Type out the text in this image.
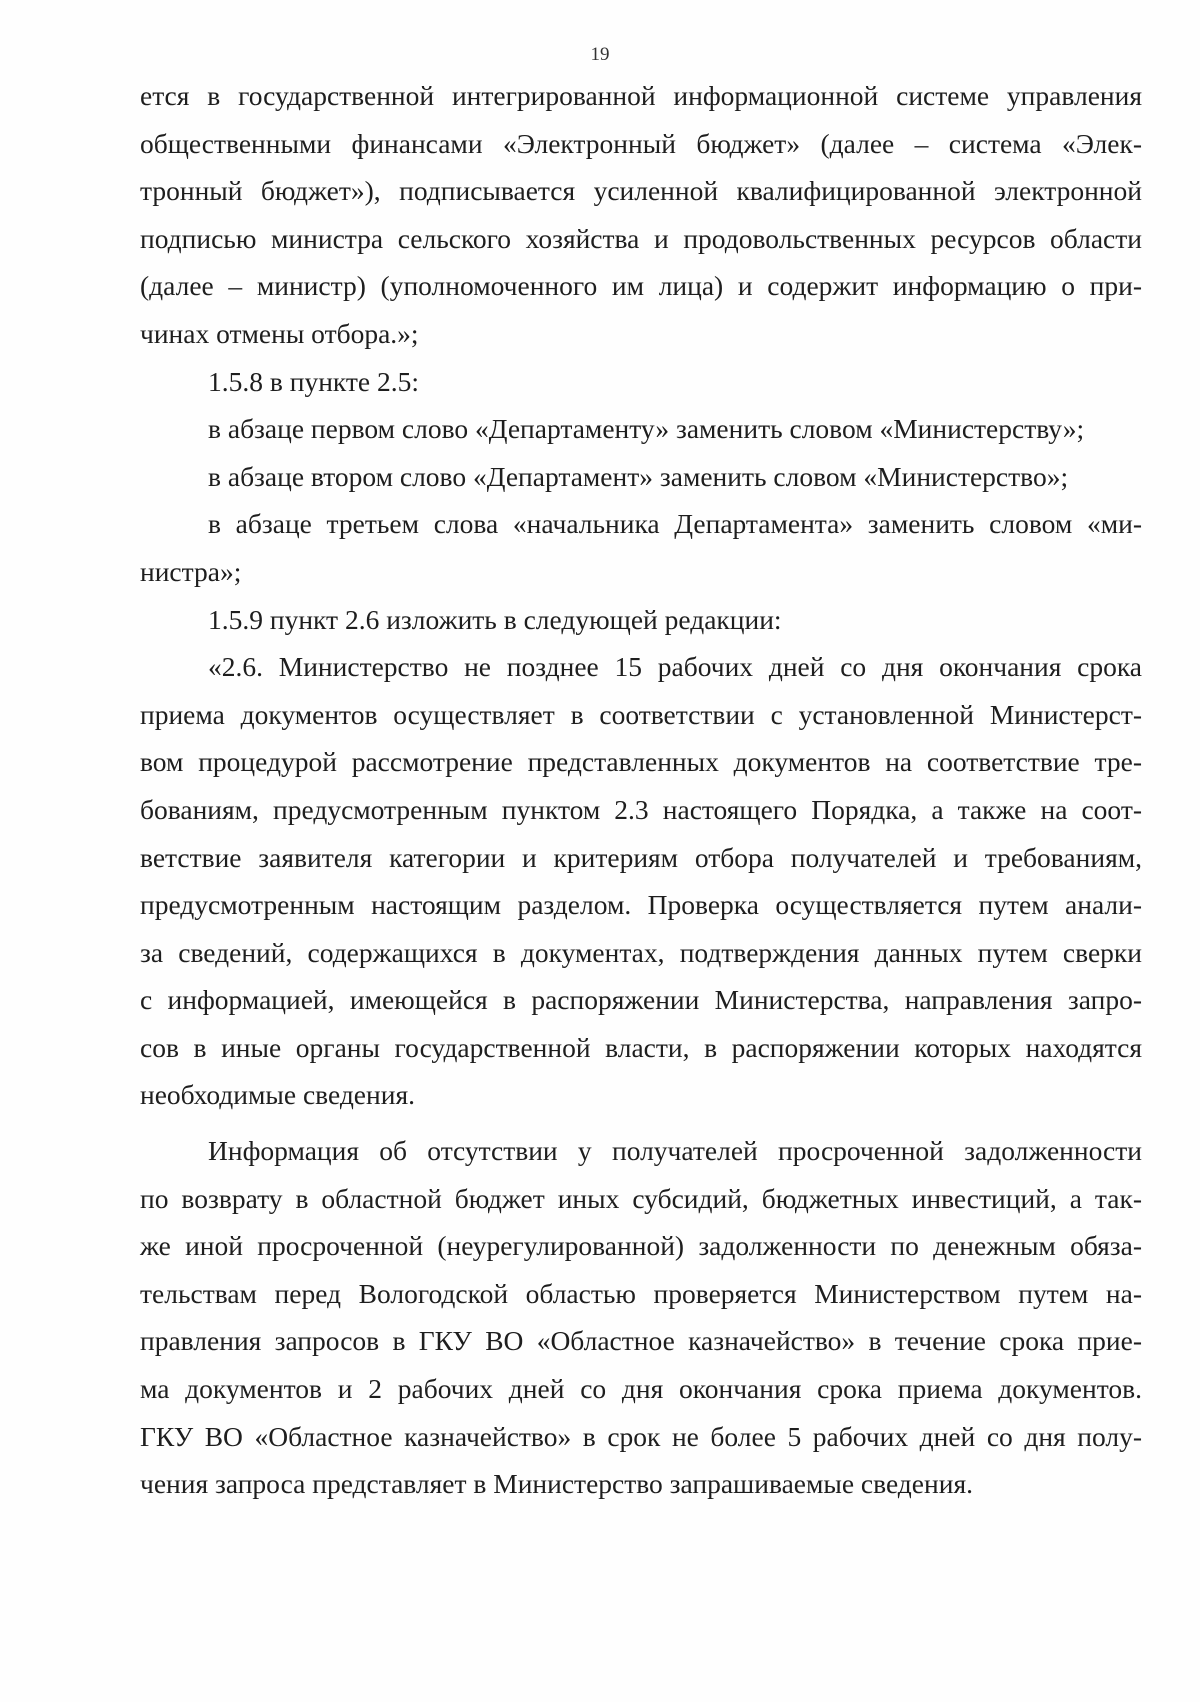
19

ется в государственной интегрированной информационной системе управления

общественными финансами «Электронный бюджет» (далее – система «Элек-

тронный бюджет»), подписывается усиленной квалифицированной электронной

подписью министра сельского хозяйства и продовольственных ресурсов области

(далее – министр) (уполномоченного им лица) и содержит информацию о при-

чинах отмены отбора.»;

1.5.8 в пункте 2.5:

в абзаце первом слово «Департаменту» заменить словом «Министерству»;

в абзаце втором слово «Департамент» заменить словом «Министерство»;

в абзаце третьем слова «начальника Департамента» заменить словом «ми-

нистра»;

1.5.9 пункт 2.6 изложить в следующей редакции:

«2.6. Министерство не позднее 15 рабочих дней со дня окончания срока

приема документов осуществляет в соответствии с установленной Министерст-

вом процедурой рассмотрение представленных документов на соответствие тре-

бованиям, предусмотренным пунктом 2.3 настоящего Порядка, а также на соот-

ветствие заявителя категории и критериям отбора получателей и требованиям,

предусмотренным настоящим разделом. Проверка осуществляется путем анали-

за сведений, содержащихся в документах, подтверждения данных путем сверки

с информацией, имеющейся в распоряжении Министерства, направления запро-

сов в иные органы государственной власти, в распоряжении которых находятся

необходимые сведения.

Информация об отсутствии у получателей просроченной задолженности

по возврату в областной бюджет иных субсидий, бюджетных инвестиций, а так-

же иной просроченной (неурегулированной) задолженности по денежным обяза-

тельствам перед Вологодской областью проверяется Министерством путем на-

правления запросов в ГКУ ВО «Областное казначейство» в течение срока прие-

ма документов и 2 рабочих дней со дня окончания срока приема документов.

ГКУ ВО «Областное казначейство» в срок не более 5 рабочих дней со дня полу-

чения запроса представляет в Министерство запрашиваемые сведения.
